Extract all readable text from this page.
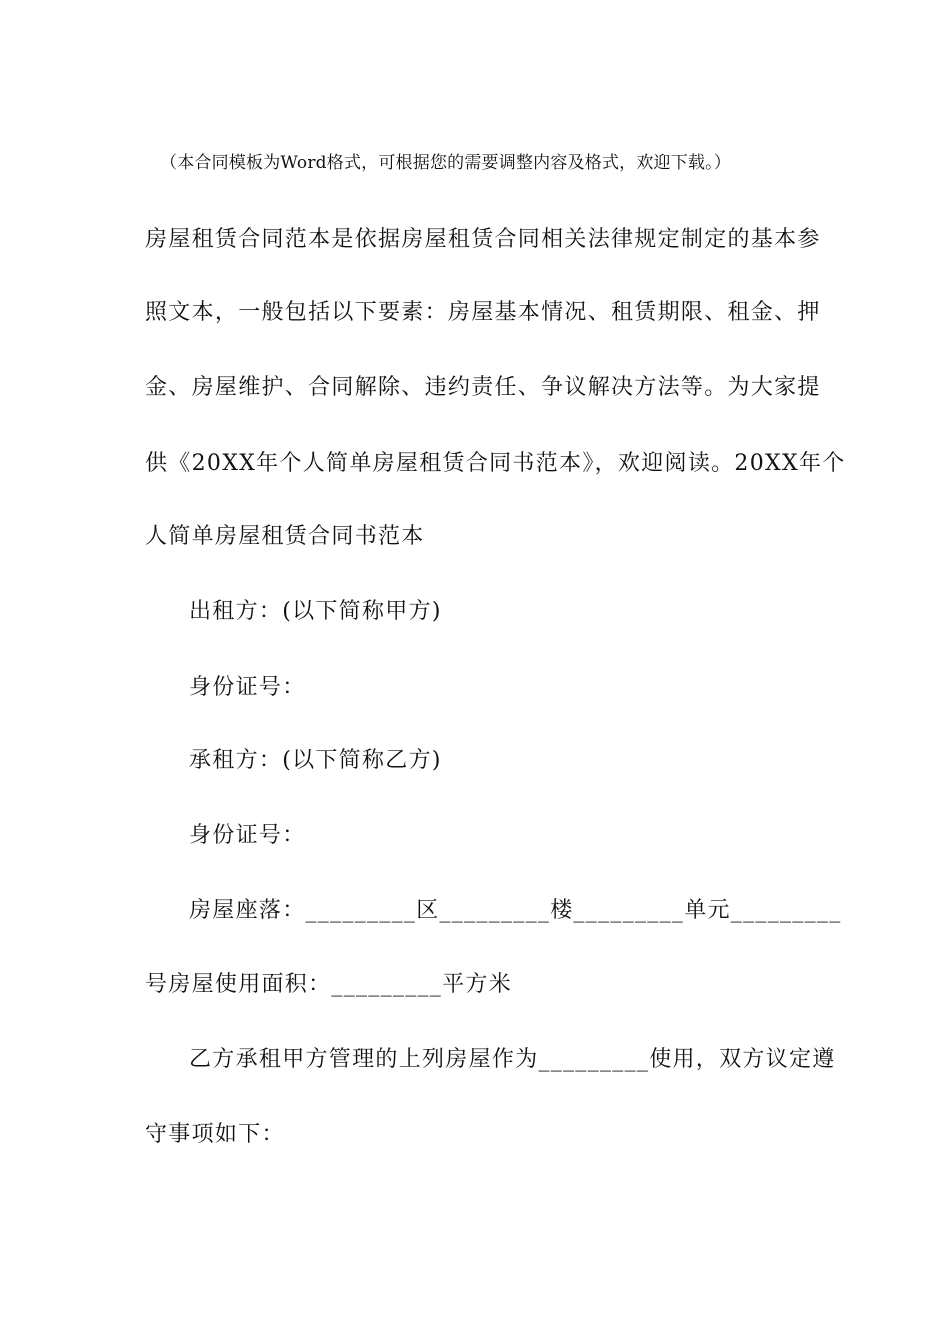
（本合同模板为Word格式，可根据您的需要调整内容及格式，欢迎下载。）
房屋租赁合同范本是依据房屋租赁合同相关法律规定制定的基本参
照文本，一般包括以下要素：房屋基本情况、租赁期限、租金、押
金、房屋维护、合同解除、违约责任、争议解决方法等。为大家提
供《20XX年个人简单房屋租赁合同书范本》，欢迎阅读。20XX年个
人简单房屋租赁合同书范本
出租方：(以下简称甲方)
身份证号：
承租方：(以下简称乙方)
身份证号：
房屋座落：_________区_________楼_________单元_________
号房屋使用面积：_________平方米
乙方承租甲方管理的上列房屋作为_________使用，双方议定遵
守事项如下：
